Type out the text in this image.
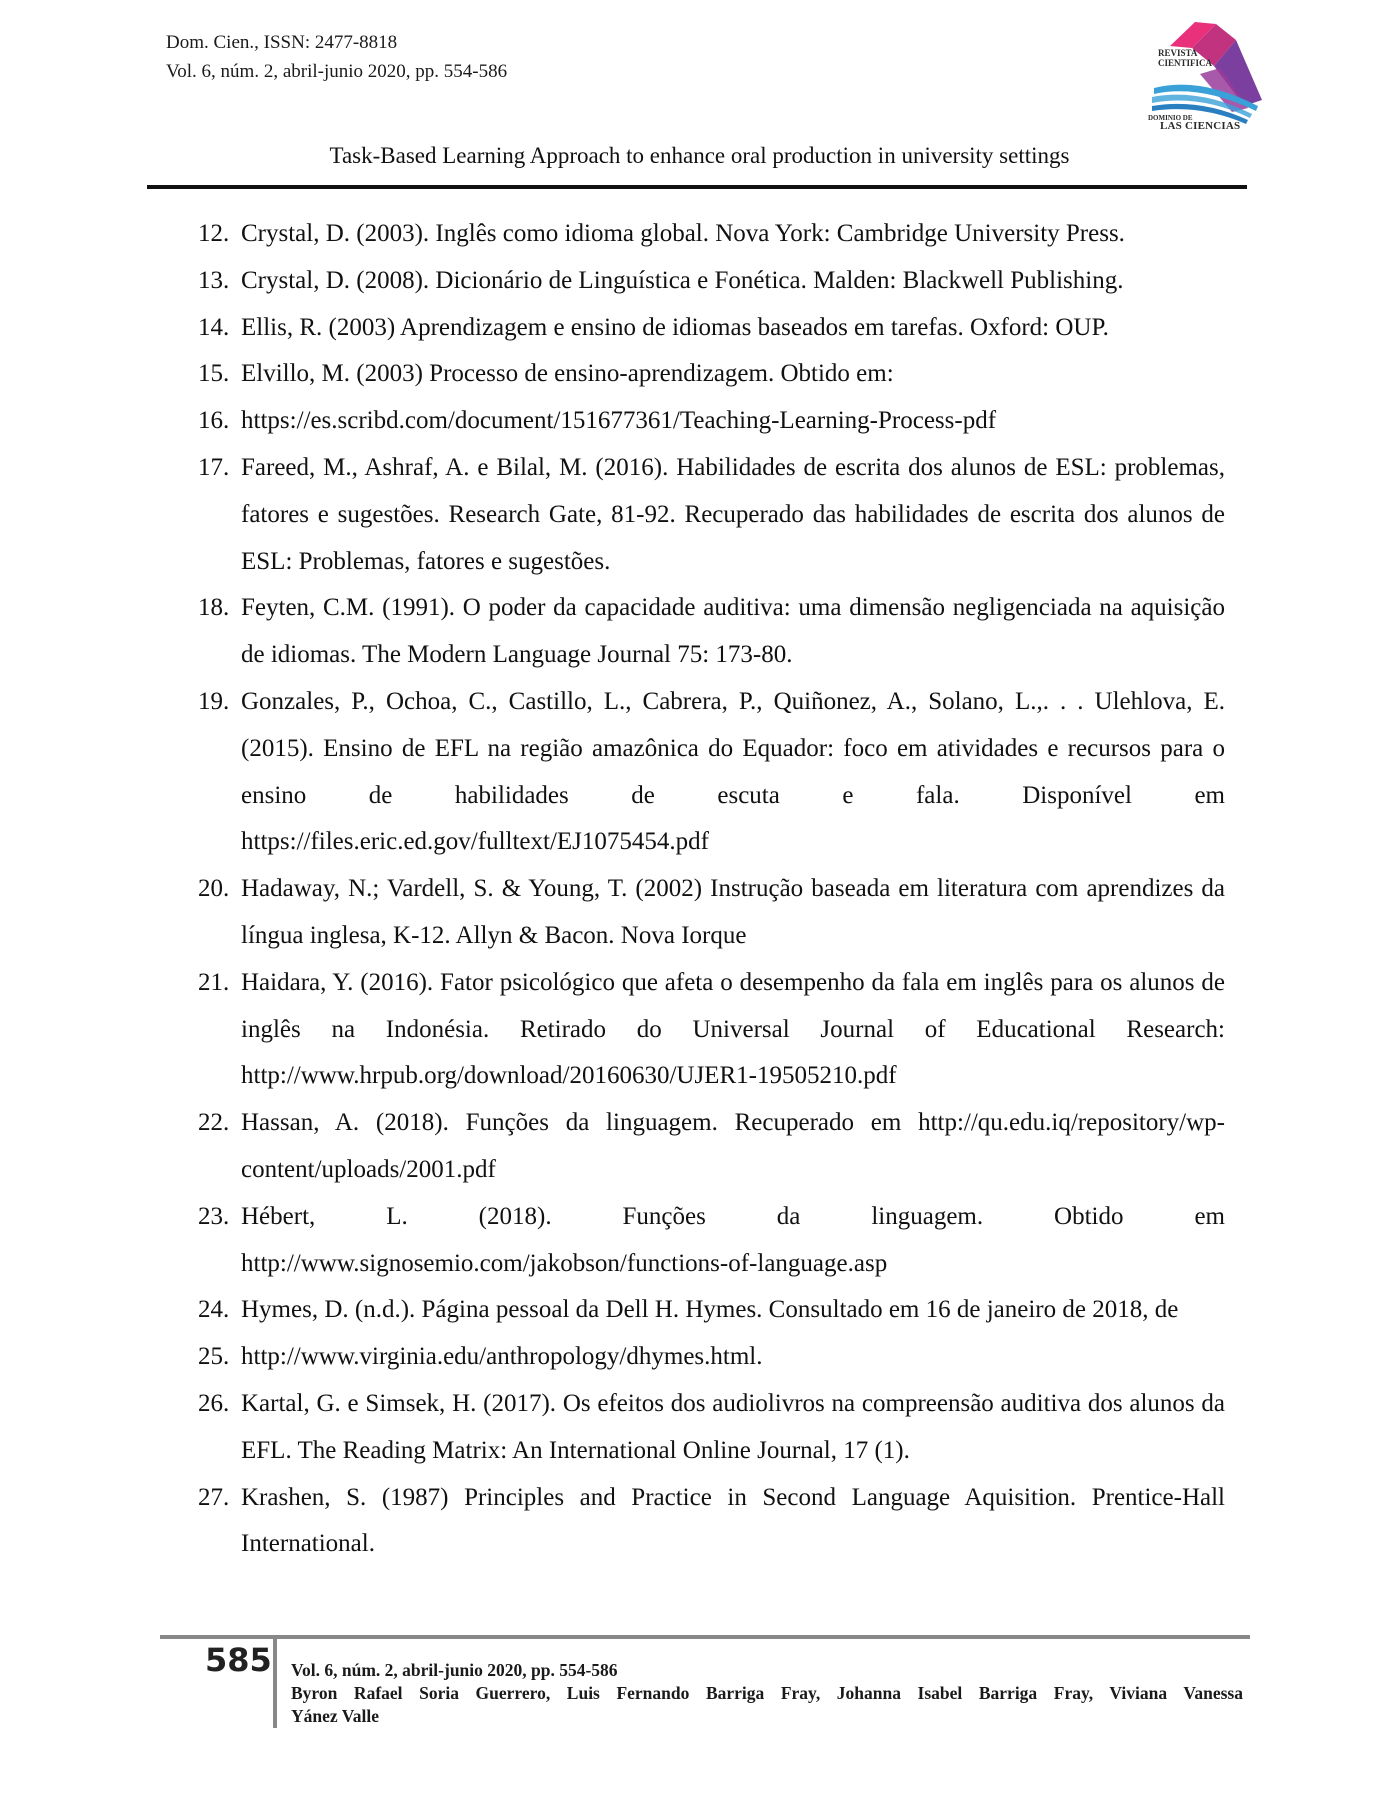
Dom. Cien., ISSN: 2477-8818
Vol. 6, núm. 2, abril-junio 2020, pp. 554-586
REVISTA
CIENTIFICA
DOMINIO DE
LAS CIENCIAS
Task-Based Learning Approach to enhance oral production in university settings
12. Crystal, D. (2003). Inglês como idioma global. Nova York: Cambridge University Press.
13. Crystal, D. (2008). Dicionário de Linguística e Fonética. Malden: Blackwell Publishing.
14. Ellis, R. (2003) Aprendizagem e ensino de idiomas baseados em tarefas. Oxford: OUP.
15. Elvillo, M. (2003) Processo de ensino-aprendizagem. Obtido em:
16. https://es.scribd.com/document/151677361/Teaching-Learning-Process-pdf
17. Fareed, M., Ashraf, A. e Bilal, M. (2016). Habilidades de escrita dos alunos de ESL: problemas, fatores e sugestões. Research Gate, 81-92. Recuperado das habilidades de escrita dos alunos de ESL: Problemas, fatores e sugestões.
18. Feyten, C.M. (1991). O poder da capacidade auditiva: uma dimensão negligenciada na aquisição de idiomas. The Modern Language Journal 75: 173-80.
19. Gonzales, P., Ochoa, C., Castillo, L., Cabrera, P., Quiñonez, A., Solano, L.,. . . Ulehlova, E. (2015). Ensino de EFL na região amazônica do Equador: foco em atividades e recursos para o ensino de habilidades de escuta e fala. Disponível em https://files.eric.ed.gov/fulltext/EJ1075454.pdf
20. Hadaway, N.; Vardell, S. & Young, T. (2002) Instrução baseada em literatura com aprendizes da língua inglesa, K-12. Allyn & Bacon. Nova Iorque
21. Haidara, Y. (2016). Fator psicológico que afeta o desempenho da fala em inglês para os alunos de inglês na Indonésia. Retirado do Universal Journal of Educational Research: http://www.hrpub.org/download/20160630/UJER1-19505210.pdf
22. Hassan, A. (2018). Funções da linguagem. Recuperado em http://qu.edu.iq/repository/wp-content/uploads/2001.pdf
23. Hébert, L. (2018). Funções da linguagem. Obtido em http://www.signosemio.com/jakobson/functions-of-language.asp
24. Hymes, D. (n.d.). Página pessoal da Dell H. Hymes. Consultado em 16 de janeiro de 2018, de
25. http://www.virginia.edu/anthropology/dhymes.html.
26. Kartal, G. e Simsek, H. (2017). Os efeitos dos audiolivros na compreensão auditiva dos alunos da EFL. The Reading Matrix: An International Online Journal, 17 (1).
27. Krashen, S. (1987) Principles and Practice in Second Language Aquisition. Prentice-Hall International.
585 Vol. 6, núm. 2, abril-junio 2020, pp. 554-586
Byron Rafael Soria Guerrero, Luis Fernando Barriga Fray, Johanna Isabel Barriga Fray, Viviana Vanessa
Yánez Valle
